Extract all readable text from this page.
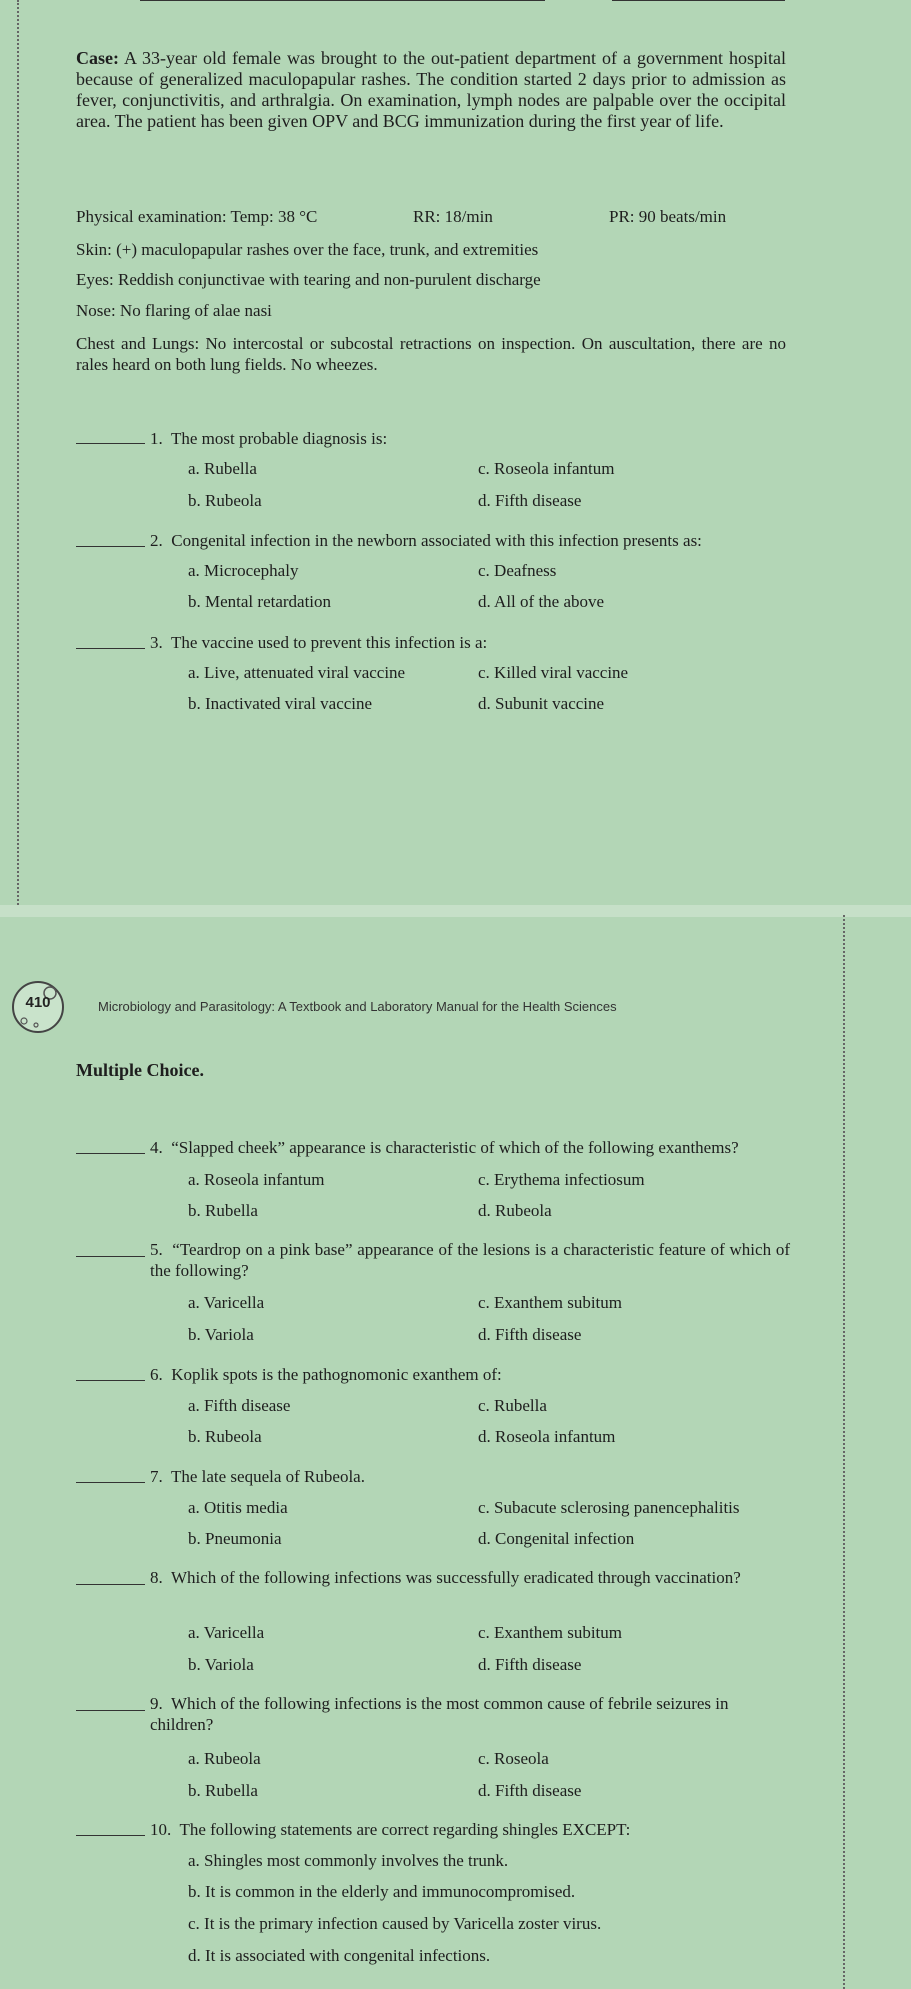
Case: A 33-year old female was brought to the out-patient department of a government hospital because of generalized maculopapular rashes. The condition started 2 days prior to admission as fever, conjunctivitis, and arthralgia. On examination, lymph nodes are palpable over the occipital area. The patient has been given OPV and BCG immunization during the first year of life.
Physical examination: Temp: 38 °C	RR: 18/min	PR: 90 beats/min
Skin: (+) maculopapular rashes over the face, trunk, and extremities
Eyes: Reddish conjunctivae with tearing and non-purulent discharge
Nose: No flaring of alae nasi
Chest and Lungs: No intercostal or subcostal retractions on inspection. On auscultation, there are no rales heard on both lung fields. No wheezes.
1. The most probable diagnosis is:
a. Rubella
b. Rubeola
c. Roseola infantum
d. Fifth disease
2. Congenital infection in the newborn associated with this infection presents as:
a. Microcephaly
b. Mental retardation
c. Deafness
d. All of the above
3. The vaccine used to prevent this infection is a:
a. Live, attenuated viral vaccine
b. Inactivated viral vaccine
c. Killed viral vaccine
d. Subunit vaccine
410	Microbiology and Parasitology: A Textbook and Laboratory Manual for the Health Sciences
Multiple Choice.
4. “Slapped cheek” appearance is characteristic of which of the following exanthems?
a. Roseola infantum
b. Rubella
c. Erythema infectiosum
d. Rubeola
5. “Teardrop on a pink base” appearance of the lesions is a characteristic feature of which of the following?
a. Varicella
b. Variola
c. Exanthem subitum
d. Fifth disease
6. Koplik spots is the pathognomonic exanthem of:
a. Fifth disease
b. Rubeola
c. Rubella
d. Roseola infantum
7. The late sequela of Rubeola.
a. Otitis media
b. Pneumonia
c. Subacute sclerosing panencephalitis
d. Congenital infection
8. Which of the following infections was successfully eradicated through vaccination?
a. Varicella
b. Variola
c. Exanthem subitum
d. Fifth disease
9. Which of the following infections is the most common cause of febrile seizures in children?
a. Rubeola
b. Rubella
c. Roseola
d. Fifth disease
10. The following statements are correct regarding shingles EXCEPT:
a. Shingles most commonly involves the trunk.
b. It is common in the elderly and immunocompromised.
c. It is the primary infection caused by Varicella zoster virus.
d. It is associated with congenital infections.
